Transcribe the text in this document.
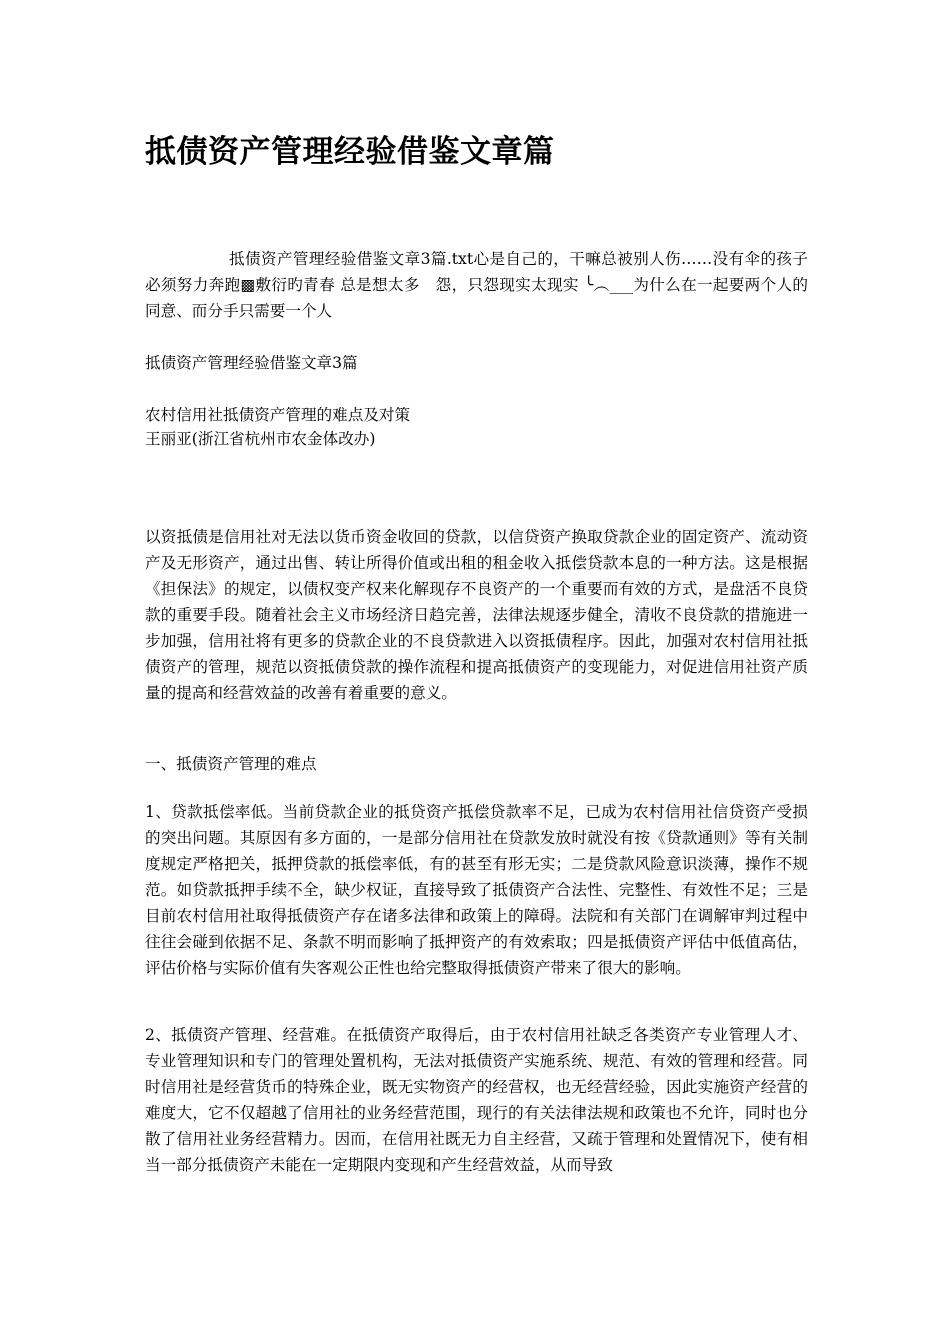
抵债资产管理经验借鉴文章篇

抵债资产管理经验借鉴文章3篇.txt心是自己的，干嘛总被别人伤……没有伞的孩子必须努力奔跑▩敷衍旳青春 总是想太多　怨，只怨现实太现实 ╰︵___为什么在一起要两个人的同意、而分手只需要一个人

抵债资产管理经验借鉴文章3篇

农村信用社抵债资产管理的难点及对策

王丽亚(浙江省杭州市农金体改办)

以资抵债是信用社对无法以货币资金收回的贷款，以信贷资产换取贷款企业的固定资产、流动资产及无形资产，通过出售、转让所得价值或出租的租金收入抵偿贷款本息的一种方法。这是根据《担保法》的规定，以债权变产权来化解现存不良资产的一个重要而有效的方式，是盘活不良贷款的重要手段。随着社会主义市场经济日趋完善，法律法规逐步健全，清收不良贷款的措施进一步加强，信用社将有更多的贷款企业的不良贷款进入以资抵债程序。因此，加强对农村信用社抵债资产的管理，规范以资抵债贷款的操作流程和提高抵债资产的变现能力，对促进信用社资产质量的提高和经营效益的改善有着重要的意义。

一、抵债资产管理的难点

1、贷款抵偿率低。当前贷款企业的抵贷资产抵偿贷款率不足，已成为农村信用社信贷资产受损的突出问题。其原因有多方面的，一是部分信用社在贷款发放时就没有按《贷款通则》等有关制度规定严格把关，抵押贷款的抵偿率低，有的甚至有形无实；二是贷款风险意识淡薄，操作不规范。如贷款抵押手续不全，缺少权证，直接导致了抵债资产合法性、完整性、有效性不足；三是目前农村信用社取得抵债资产存在诸多法律和政策上的障碍。法院和有关部门在调解审判过程中往往会碰到依据不足、条款不明而影响了抵押资产的有效索取；四是抵债资产评估中低值高估，评估价格与实际价值有失客观公正性也给完整取得抵债资产带来了很大的影响。

2、抵债资产管理、经营难。在抵债资产取得后，由于农村信用社缺乏各类资产专业管理人才、专业管理知识和专门的管理处置机构，无法对抵债资产实施系统、规范、有效的管理和经营。同时信用社是经营货币的特殊企业，既无实物资产的经营权，也无经营经验，因此实施资产经营的难度大，它不仅超越了信用社的业务经营范围，现行的有关法律法规和政策也不允许，同时也分散了信用社业务经营精力。因而，在信用社既无力自主经营，又疏于管理和处置情况下，使有相当一部分抵债资产未能在一定期限内变现和产生经营效益，从而导致
